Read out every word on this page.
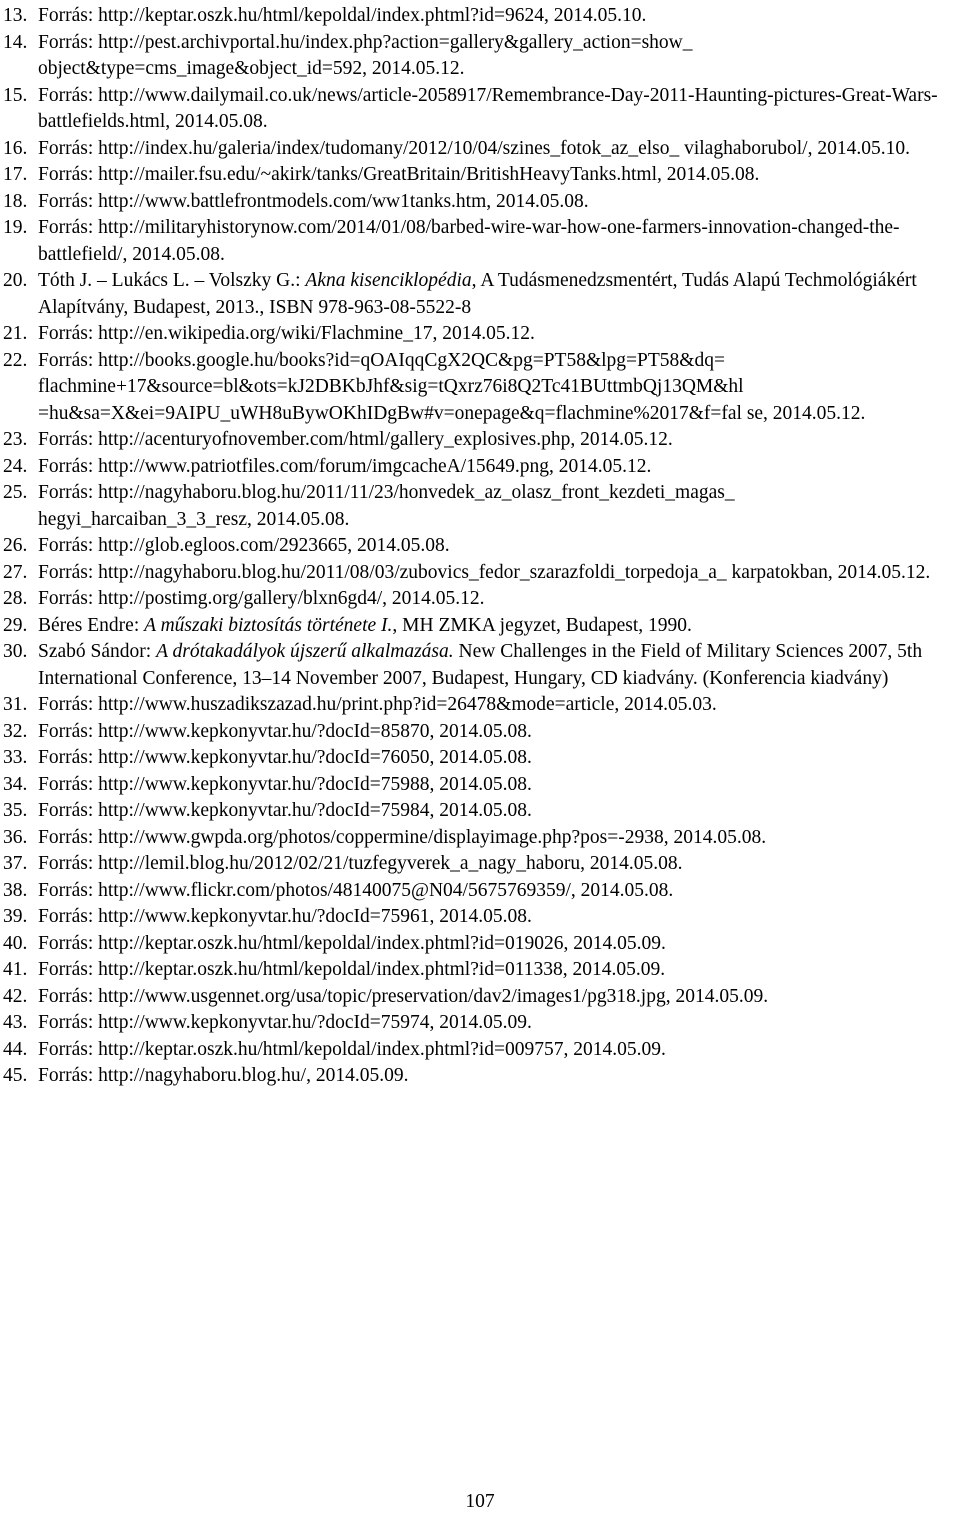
13. Forrás: http://keptar.oszk.hu/html/kepoldal/index.phtml?id=9624, 2014.05.10.
14. Forrás: http://pest.archivportal.hu/index.php?action=gallery&gallery_action=show_ object&type=cms_image&object_id=592, 2014.05.12.
15. Forrás: http://www.dailymail.co.uk/news/article-2058917/Remembrance-Day-2011-Haunting-pictures-Great-Wars-battlefields.html, 2014.05.08.
16. Forrás: http://index.hu/galeria/index/tudomany/2012/10/04/szines_fotok_az_elso_ vilaghaborubol/, 2014.05.10.
17. Forrás: http://mailer.fsu.edu/~akirk/tanks/GreatBritain/BritishHeavyTanks.html, 2014.05.08.
18. Forrás: http://www.battlefrontmodels.com/ww1tanks.htm, 2014.05.08.
19. Forrás: http://militaryhistorynow.com/2014/01/08/barbed-wire-war-how-one-farmers-innovation-changed-the-battlefield/, 2014.05.08.
20. Tóth J. – Lukács L. – Volszky G.: Akna kisenciklopédia, A Tudásmenedzsmentért, Tudás Alapú Techmológiákért Alapítvány, Budapest, 2013., ISBN 978-963-08-5522-8
21. Forrás: http://en.wikipedia.org/wiki/Flachmine_17, 2014.05.12.
22. Forrás: http://books.google.hu/books?id=qOAIqqCgX2QC&pg=PT58&lpg=PT58&dq= flachmine+17&source=bl&ots=kJ2DBKbJhf&sig=tQxrz76i8Q2Tc41BUttmbQj13QM&hl =hu&sa=X&ei=9AIPU_uWH8uBywOKhIDgBw#v=onepage&q=flachmine%2017&f=fal se, 2014.05.12.
23. Forrás: http://acenturyofnovember.com/html/gallery_explosives.php, 2014.05.12.
24. Forrás: http://www.patriotfiles.com/forum/imgcacheA/15649.png, 2014.05.12.
25. Forrás: http://nagyhaboru.blog.hu/2011/11/23/honvedek_az_olasz_front_kezdeti_magas_ hegyi_harcaiban_3_3_resz, 2014.05.08.
26. Forrás: http://glob.egloos.com/2923665, 2014.05.08.
27. Forrás: http://nagyhaboru.blog.hu/2011/08/03/zubovics_fedor_szarazfoldi_torpedoja_a_ karpatokban, 2014.05.12.
28. Forrás: http://postimg.org/gallery/blxn6gd4/, 2014.05.12.
29. Béres Endre: A műszaki biztosítás története I., MH ZMKA jegyzet, Budapest, 1990.
30. Szabó Sándor: A drótakadályok újszerű alkalmazása. New Challenges in the Field of Military Sciences 2007, 5th International Conference, 13–14 November 2007, Budapest, Hungary, CD kiadvány. (Konferencia kiadvány)
31. Forrás: http://www.huszadikszazad.hu/print.php?id=26478&mode=article, 2014.05.03.
32. Forrás: http://www.kepkonyvtar.hu/?docId=85870, 2014.05.08.
33. Forrás: http://www.kepkonyvtar.hu/?docId=76050, 2014.05.08.
34. Forrás: http://www.kepkonyvtar.hu/?docId=75988, 2014.05.08.
35. Forrás: http://www.kepkonyvtar.hu/?docId=75984, 2014.05.08.
36. Forrás: http://www.gwpda.org/photos/coppermine/displayimage.php?pos=-2938, 2014.05.08.
37. Forrás: http://lemil.blog.hu/2012/02/21/tuzfegyverek_a_nagy_haboru, 2014.05.08.
38. Forrás: http://www.flickr.com/photos/48140075@N04/5675769359/, 2014.05.08.
39. Forrás: http://www.kepkonyvtar.hu/?docId=75961, 2014.05.08.
40. Forrás: http://keptar.oszk.hu/html/kepoldal/index.phtml?id=019026, 2014.05.09.
41. Forrás: http://keptar.oszk.hu/html/kepoldal/index.phtml?id=011338, 2014.05.09.
42. Forrás: http://www.usgennet.org/usa/topic/preservation/dav2/images1/pg318.jpg, 2014.05.09.
43. Forrás: http://www.kepkonyvtar.hu/?docId=75974, 2014.05.09.
44. Forrás: http://keptar.oszk.hu/html/kepoldal/index.phtml?id=009757, 2014.05.09.
45. Forrás: http://nagyhaboru.blog.hu/, 2014.05.09.
107
